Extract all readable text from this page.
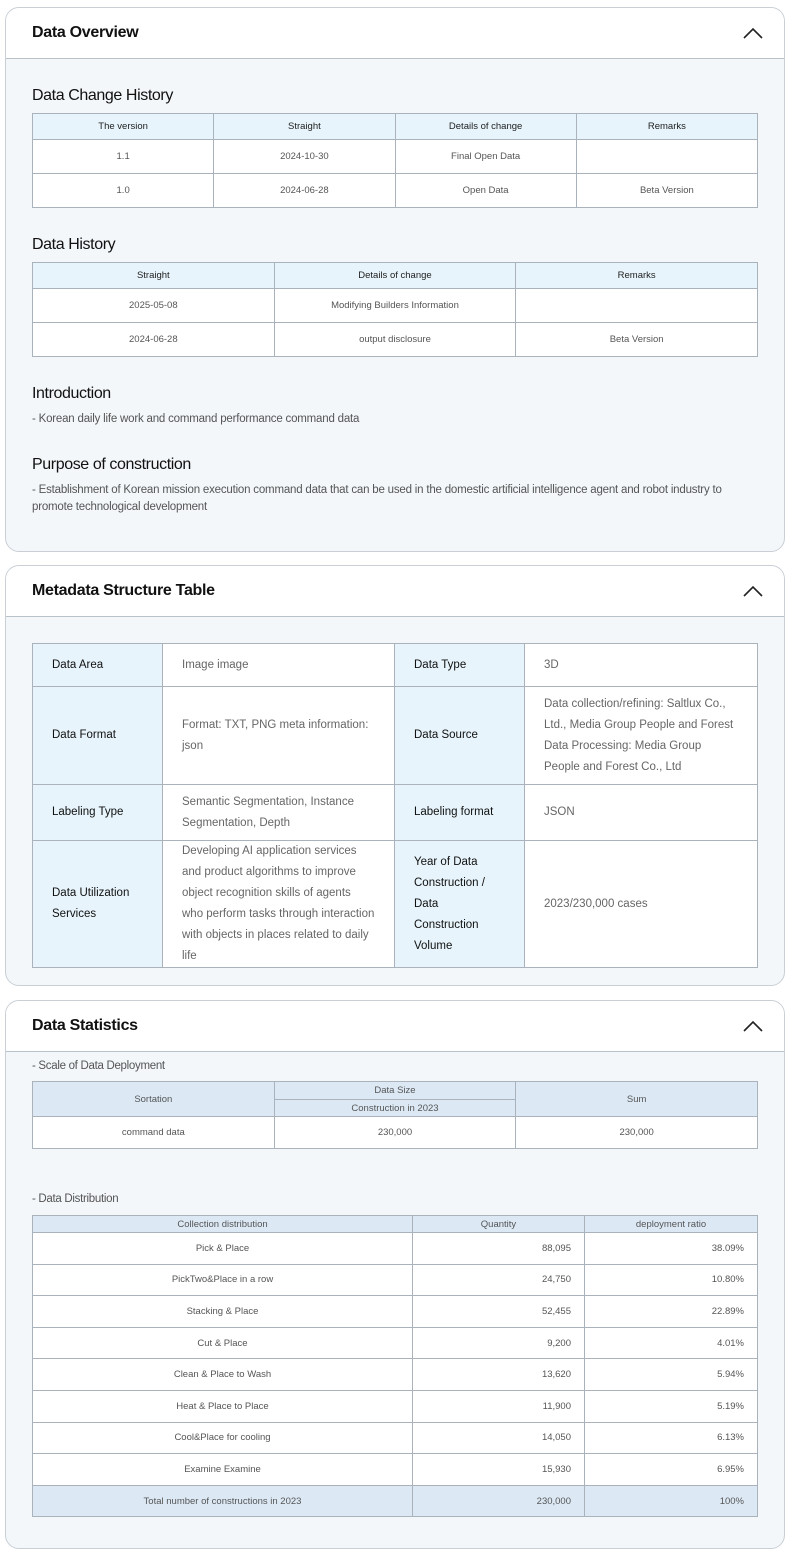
Data Overview
Data Change History
The version	Straight	Details of change	Remarks
1.1	2024-10-30	Final Open Data	
1.0	2024-06-28	Open Data	Beta Version
Data History
Straight	Details of change	Remarks
2025-05-08	Modifying Builders Information	
2024-06-28	output disclosure	Beta Version
Introduction

- Korean daily life work and command performance command data

Purpose of construction

- Establishment of Korean mission execution command data that can be used in the domestic artificial intelligence agent and robot industry to promote technological development

Metadata Structure Table
Data Area	Image image	Data Type	3D
Data Format	Format: TXT, PNG meta information: json	Data Source	Data collection/refining: Saltlux Co., Ltd., Media Group People and Forest Data Processing: Media Group People and Forest Co., Ltd
Labeling Type	Semantic Segmentation, Instance Segmentation, Depth	Labeling format	JSON
Data Utilization Services	Developing AI application services and product algorithms to improve object recognition skills of agents who perform tasks through interaction with objects in places related to daily life	Year of Data Construction / Data Construction Volume	2023/230,000 cases
Data Statistics
- Scale of Data Deployment
Sortation	Data Size	Sum
	Construction in 2023	
command data	230,000	230,000
- Data Distribution
Collection distribution	Quantity	deployment ratio
Pick & Place	88,095	38.09%
PickTwo&Place in a row	24,750	10.80%
Stacking & Place	52,455	22.89%
Cut & Place	9,200	4.01%
Clean & Place to Wash	13,620	5.94%
Heat & Place to Place	11,900	5.19%
Cool&Place for cooling	14,050	6.13%
Examine Examine	15,930	6.95%
Total number of constructions in 2023	230,000	100%
